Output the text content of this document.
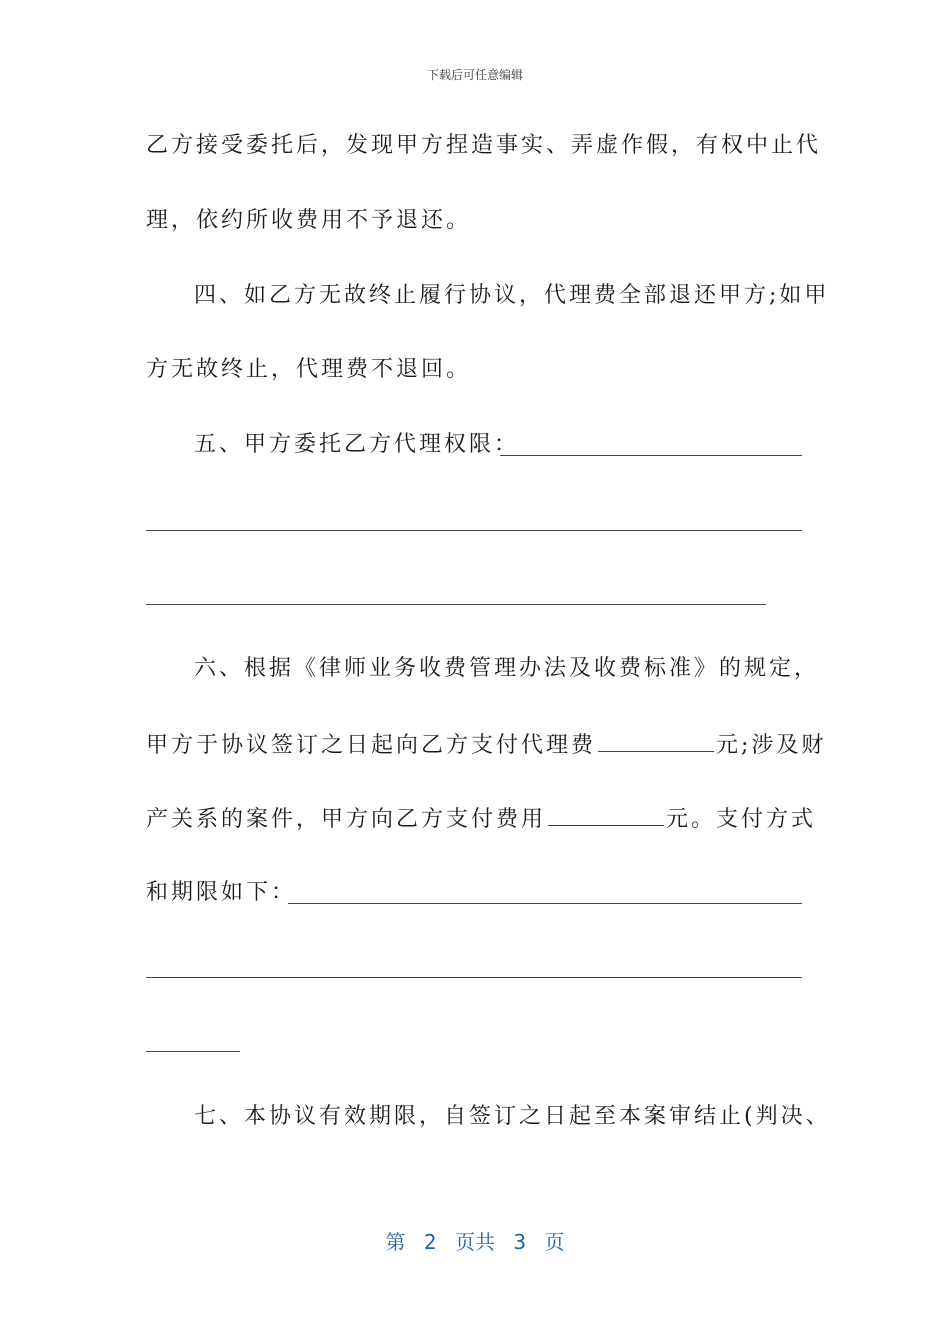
下载后可任意编辑
乙方接受委托后，发现甲方捏造事实、弄虚作假，有权中止代
理，依约所收费用不予退还。
四、如乙方无故终止履行协议，代理费全部退还甲方;如甲
方无故终止，代理费不退回。
五、甲方委托乙方代理权限：
六、根据《律师业务收费管理办法及收费标准》的规定，
甲方于协议签订之日起向乙方支付代理费	元;涉及财
产关系的案件，甲方向乙方支付费用	元。支付方式
和期限如下：
七、本协议有效期限，自签订之日起至本案审结止(判决、
第 2 页共 3 页
